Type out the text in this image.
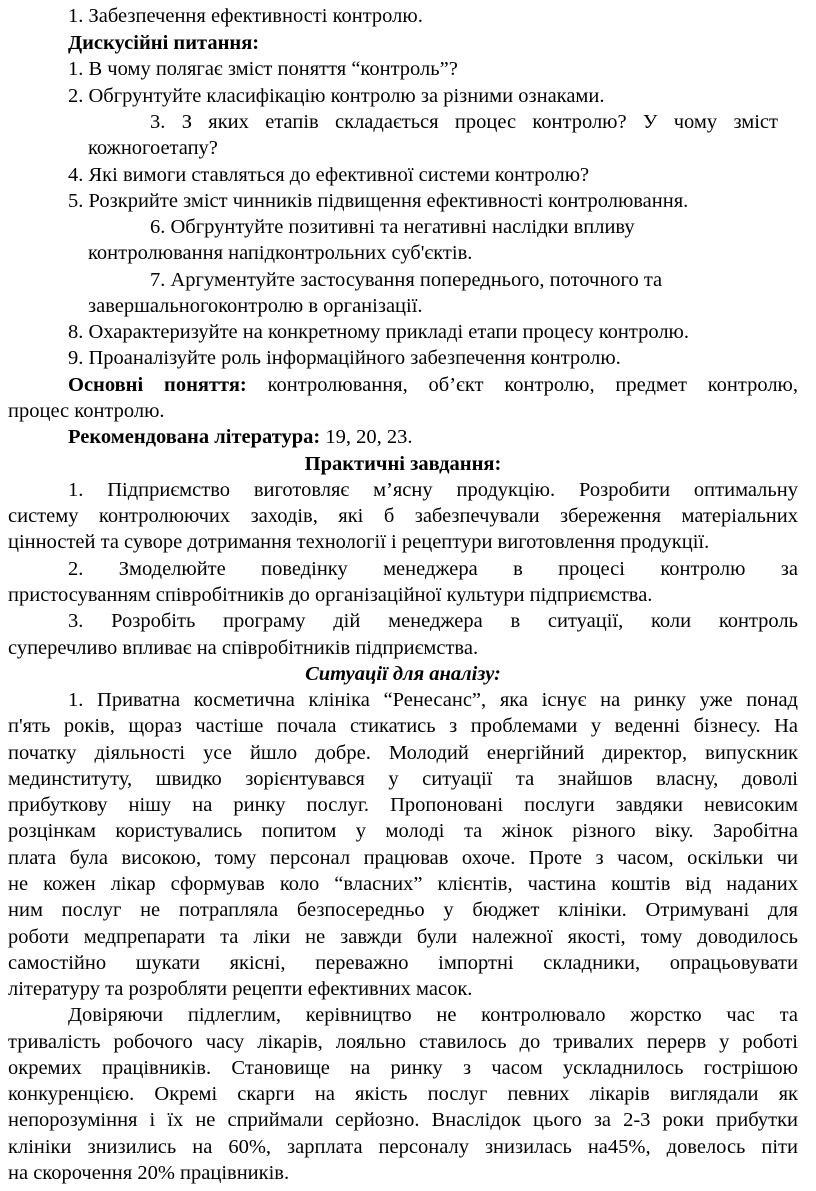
1. Забезпечення ефективності контролю.
Дискусійні питання:
1. В чому полягає зміст поняття “контроль”?
2. Обгрунтуйте класифікацію контролю за різними ознаками.
3. З яких етапів складається процес контролю? У чому зміст
кожногоетапу?
4. Які вимоги ставляться до ефективної системи контролю?
5. Розкрийте зміст чинників підвищення ефективності контролювання.
6. Обгрунтуйте позитивні та негативні наслідки впливу
контролювання напідконтрольних суб'єктів.
7. Аргументуйте застосування попереднього, поточного та
завершальногоконтролю в організації.
8. Охарактеризуйте на конкретному прикладі етапи процесу контролю.
9. Проаналізуйте роль інформаційного забезпечення контролю.
Основні поняття: контролювання, об’єкт контролю, предмет контролю,
процес контролю.
Рекомендована література: 19, 20, 23.
Практичні завдання:
1. Підприємство виготовляє м’ясну продукцію. Розробити оптимальну
систему контролюючих заходів, які б забезпечували збереження матеріальних
цінностей та суворе дотримання технології і рецептури виготовлення продукції.
2. Змоделюйте поведінку менеджера в процесі контролю за
пристосуванням співробітників до організаційної культури підприємства.
3. Розробіть програму дій менеджера в ситуації, коли контроль
суперечливо впливає на співробітників підприємства.
Ситуації для аналізу:
1. Приватна косметична клініка “Ренесанс”, яка існує на ринку уже понад
п'ять років, щораз частіше почала стикатись з проблемами у веденні бізнесу. На
початку діяльності усе йшло добре. Молодий енергійний директор, випускник
мединституту, швидко зорієнтувався у ситуації та знайшов власну, доволі
прибуткову нішу на ринку послуг. Пропоновані послуги завдяки невисоким
розцінкам користувались попитом у молоді та жінок різного віку. Заробітна
плата була високою, тому персонал працював охоче. Проте з часом, оскільки чи
не кожен лікар сформував коло “власних” клієнтів, частина коштів від наданих
ним послуг не потрапляла безпосередньо у бюджет клініки. Отримувані для
роботи медпрепарати та ліки не завжди були належної якості, тому доводилось
самостійно шукати якісні, переважно імпортні складники, опрацьовувати
літературу та розробляти рецепти ефективних масок.
Довіряючи підлеглим, керівництво не контролювало жорстко час та
тривалість робочого часу лікарів, лояльно ставилось до тривалих перерв у роботі
окремих працівників. Становище на ринку з часом ускладнилось гострішою
конкуренцією. Окремі скарги на якість послуг певних лікарів виглядали як
непорозуміння і їх не сприймали серйозно. Внаслідок цього за 2-3 роки прибутки
клініки знизились на 60%, зарплата персоналу знизилась на45%, довелось піти
на скорочення 20% працівників.
